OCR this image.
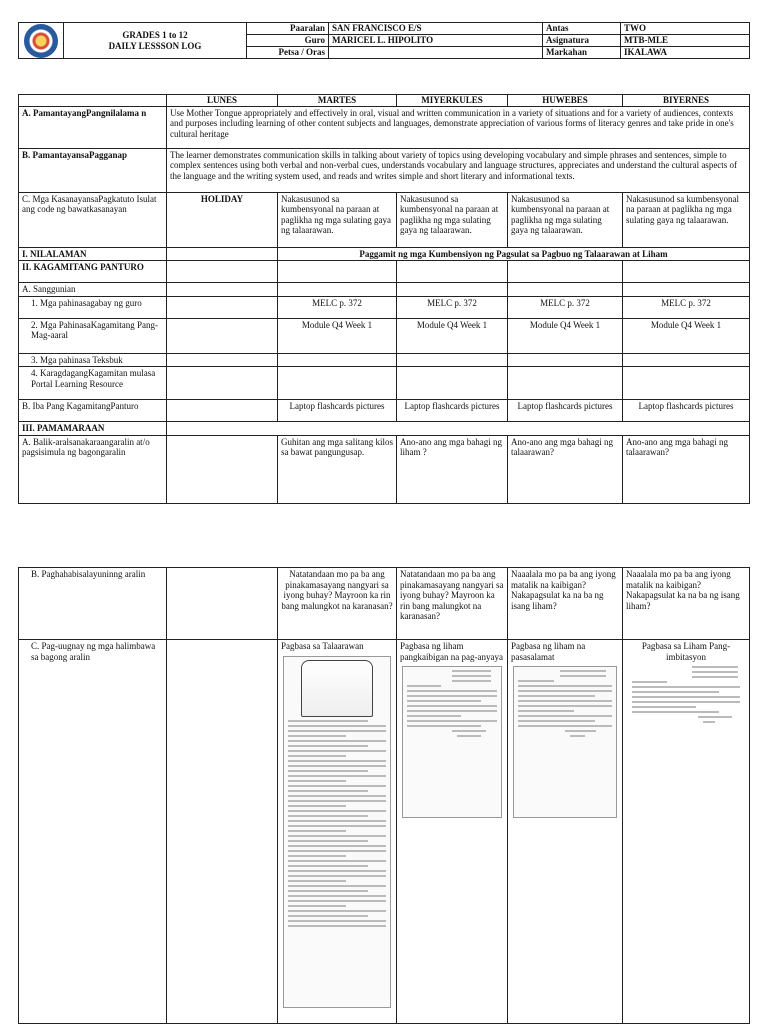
	GRADES 1 to 12
DAILY LESSSON LOG	Paaralan	SAN FRANCISCO E/S	Antas	TWO
		Guro	MARICEL L. HIPOLITO	Asignatura	MTB-MLE
		Petsa / Oras		Markahan	IKALAWA
	LUNES	MARTES	MIYERKULES	HUWEBES	BIYERNES
A. PamantayangPangnilalama n	Use Mother Tongue appropriately and effectively in oral, visual and written communication in a variety of situations and for a variety of audiences, contexts and purposes including learning of other content subjects and languages, demonstrate appreciation of various forms of literacy genres and take pride in one's cultural heritage				
B. PamantayansaPagganap	The learner demonstrates communication skills in talking about variety of topics using developing vocabulary and simple phrases and sentences, simple to complex sentences using both verbal and non-verbal cues, understands vocabulary and language structures, appreciates and understand the cultural aspects of the language and the writing system used, and reads and writes simple and short literary and informational texts.				
C. Mga KasanayansaPagkatuto Isulat ang code ng bawatkasanayan	HOLIDAY	Nakasusunod sa kumbensyonal na paraan at paglikha ng mga sulating gaya ng talaarawan.	Nakasusunod sa kumbensyonal na paraan at paglikha ng mga sulating gaya ng talaarawan.	Nakasusunod sa kumbensyonal na paraan at paglikha ng mga sulating gaya ng talaarawan.	Nakasusunod sa kumbensyonal na paraan at paglikha ng mga sulating gaya ng talaarawan.
I. NILALAMAN		Paggamit ng mga Kumbensiyon ng Pagsulat sa Pagbuo ng Talaarawan at Liham			
II. KAGAMITANG PANTURO					
A. Sanggunian					
1. Mga pahinasagabay ng guro		MELC p. 372	MELC p. 372	MELC p. 372	MELC p. 372
2. Mga PahinasaKagamitang Pang-Mag-aaral		Module Q4 Week 1	Module Q4 Week 1	Module Q4 Week 1	Module Q4 Week 1
3. Mga pahinasa Teksbuk					
4. KaragdagangKagamitan mulasa Portal Learning Resource					
B. Iba Pang KagamitangPanturo		Laptop flashcards pictures	Laptop flashcards pictures	Laptop flashcards pictures	Laptop flashcards pictures
III. PAMAMARAAN					
A. Balik-aralsanakaraangaralin at/o pagsisimula ng bagongaralin		Guhitan ang mga salitang kilos sa bawat pangungusap.	Ano-ano ang mga bahagi ng liham ?	Ano-ano ang mga bahagi ng talaarawan?	Ano-ano ang mga bahagi ng talaarawan?
B. Paghahabisalayuninng aralin		Natatandaan mo pa ba ang pinakamasayang nangyari sa iyong buhay? Mayroon ka rin bang malungkot na karanasan?	Natatandaan mo pa ba ang pinakamasayang nangyari sa iyong buhay? Mayroon ka rin bang malungkot na karanasan?	Naaalala mo pa ba ang iyong matalik na kaibigan? Nakapagsulat ka na ba ng isang liham?	Naaalala mo pa ba ang iyong matalik na kaibigan? Nakapagsulat ka na ba ng isang liham?
C. Pag-uugnay ng mga halimbawa sa bagong aralin		Pagbasa sa Talaarawan	Pagbasa ng liham pangkaibigan na pag-anyaya	Pagbasa ng liham na pasasalamat	Pagbasa sa Liham Pang-imbitasyon
